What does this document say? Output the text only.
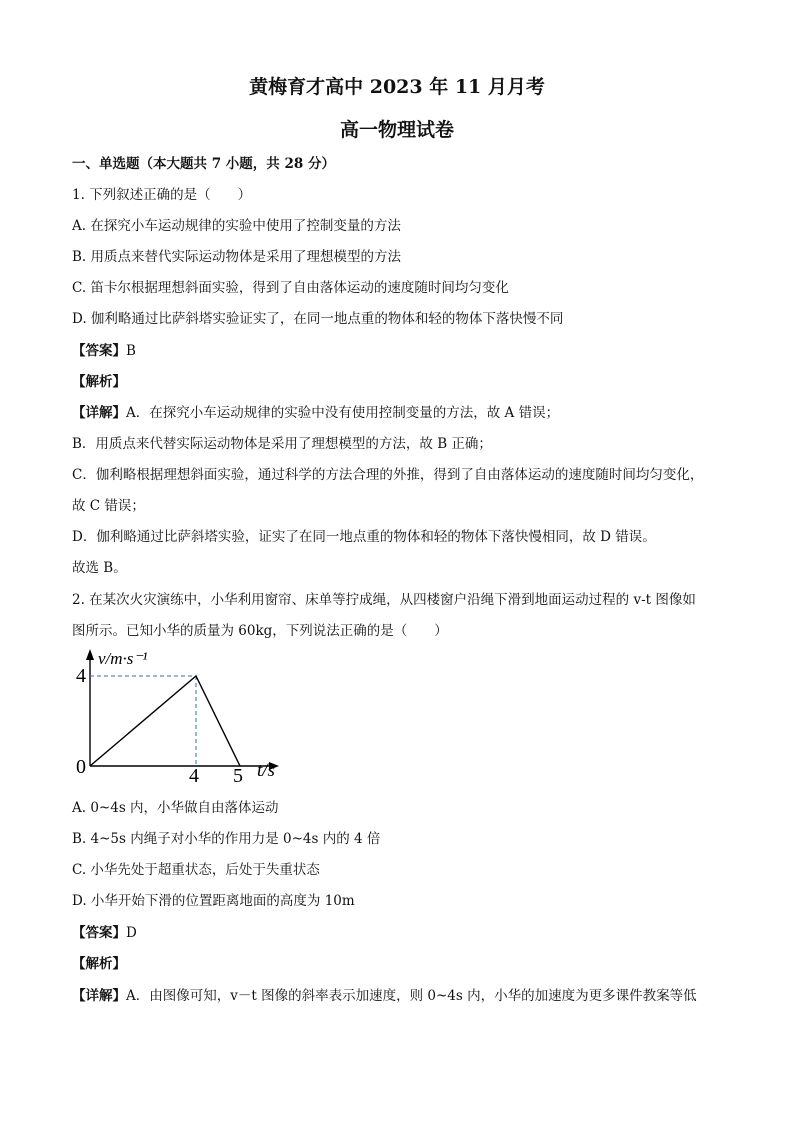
黄梅育才高中 2023 年 11 月月考
高一物理试卷
一、单选题（本大题共 7 小题，共 28 分）
1. 下列叙述正确的是（　　）
A. 在探究小车运动规律的实验中使用了控制变量的方法
B. 用质点来替代实际运动物体是采用了理想模型的方法
C. 笛卡尔根据理想斜面实验，得到了自由落体运动的速度随时间均匀变化
D. 伽利略通过比萨斜塔实验证实了，在同一地点重的物体和轻的物体下落快慢不同
【答案】B
【解析】
【详解】A．在探究小车运动规律的实验中没有使用控制变量的方法，故 A 错误；
B．用质点来代替实际运动物体是采用了理想模型的方法，故 B 正确；
C．伽利略根据理想斜面实验，通过科学的方法合理的外推，得到了自由落体运动的速度随时间均匀变化，
故 C 错误；
D．伽利略通过比萨斜塔实验，证实了在同一地点重的物体和轻的物体下落快慢相同，故 D 错误。
故选 B。
2. 在某次火灾演练中，小华利用窗帘、床单等拧成绳，从四楼窗户沿绳下滑到地面运动过程的 v-t 图像如
图所示。已知小华的质量为 60kg，下列说法正确的是（　　）
4
0	4 5 t/s
v/m·s⁻¹
A. 0~4s 内，小华做自由落体运动
B. 4~5s 内绳子对小华的作用力是 0~4s 内的 4 倍
C. 小华先处于超重状态，后处于失重状态
D. 小华开始下滑的位置距离地面的高度为 10m
【答案】D
【解析】
【详解】A．由图像可知，v－t 图像的斜率表示加速度，则 0~4s 内，小华的加速度为更多课件教案等低
